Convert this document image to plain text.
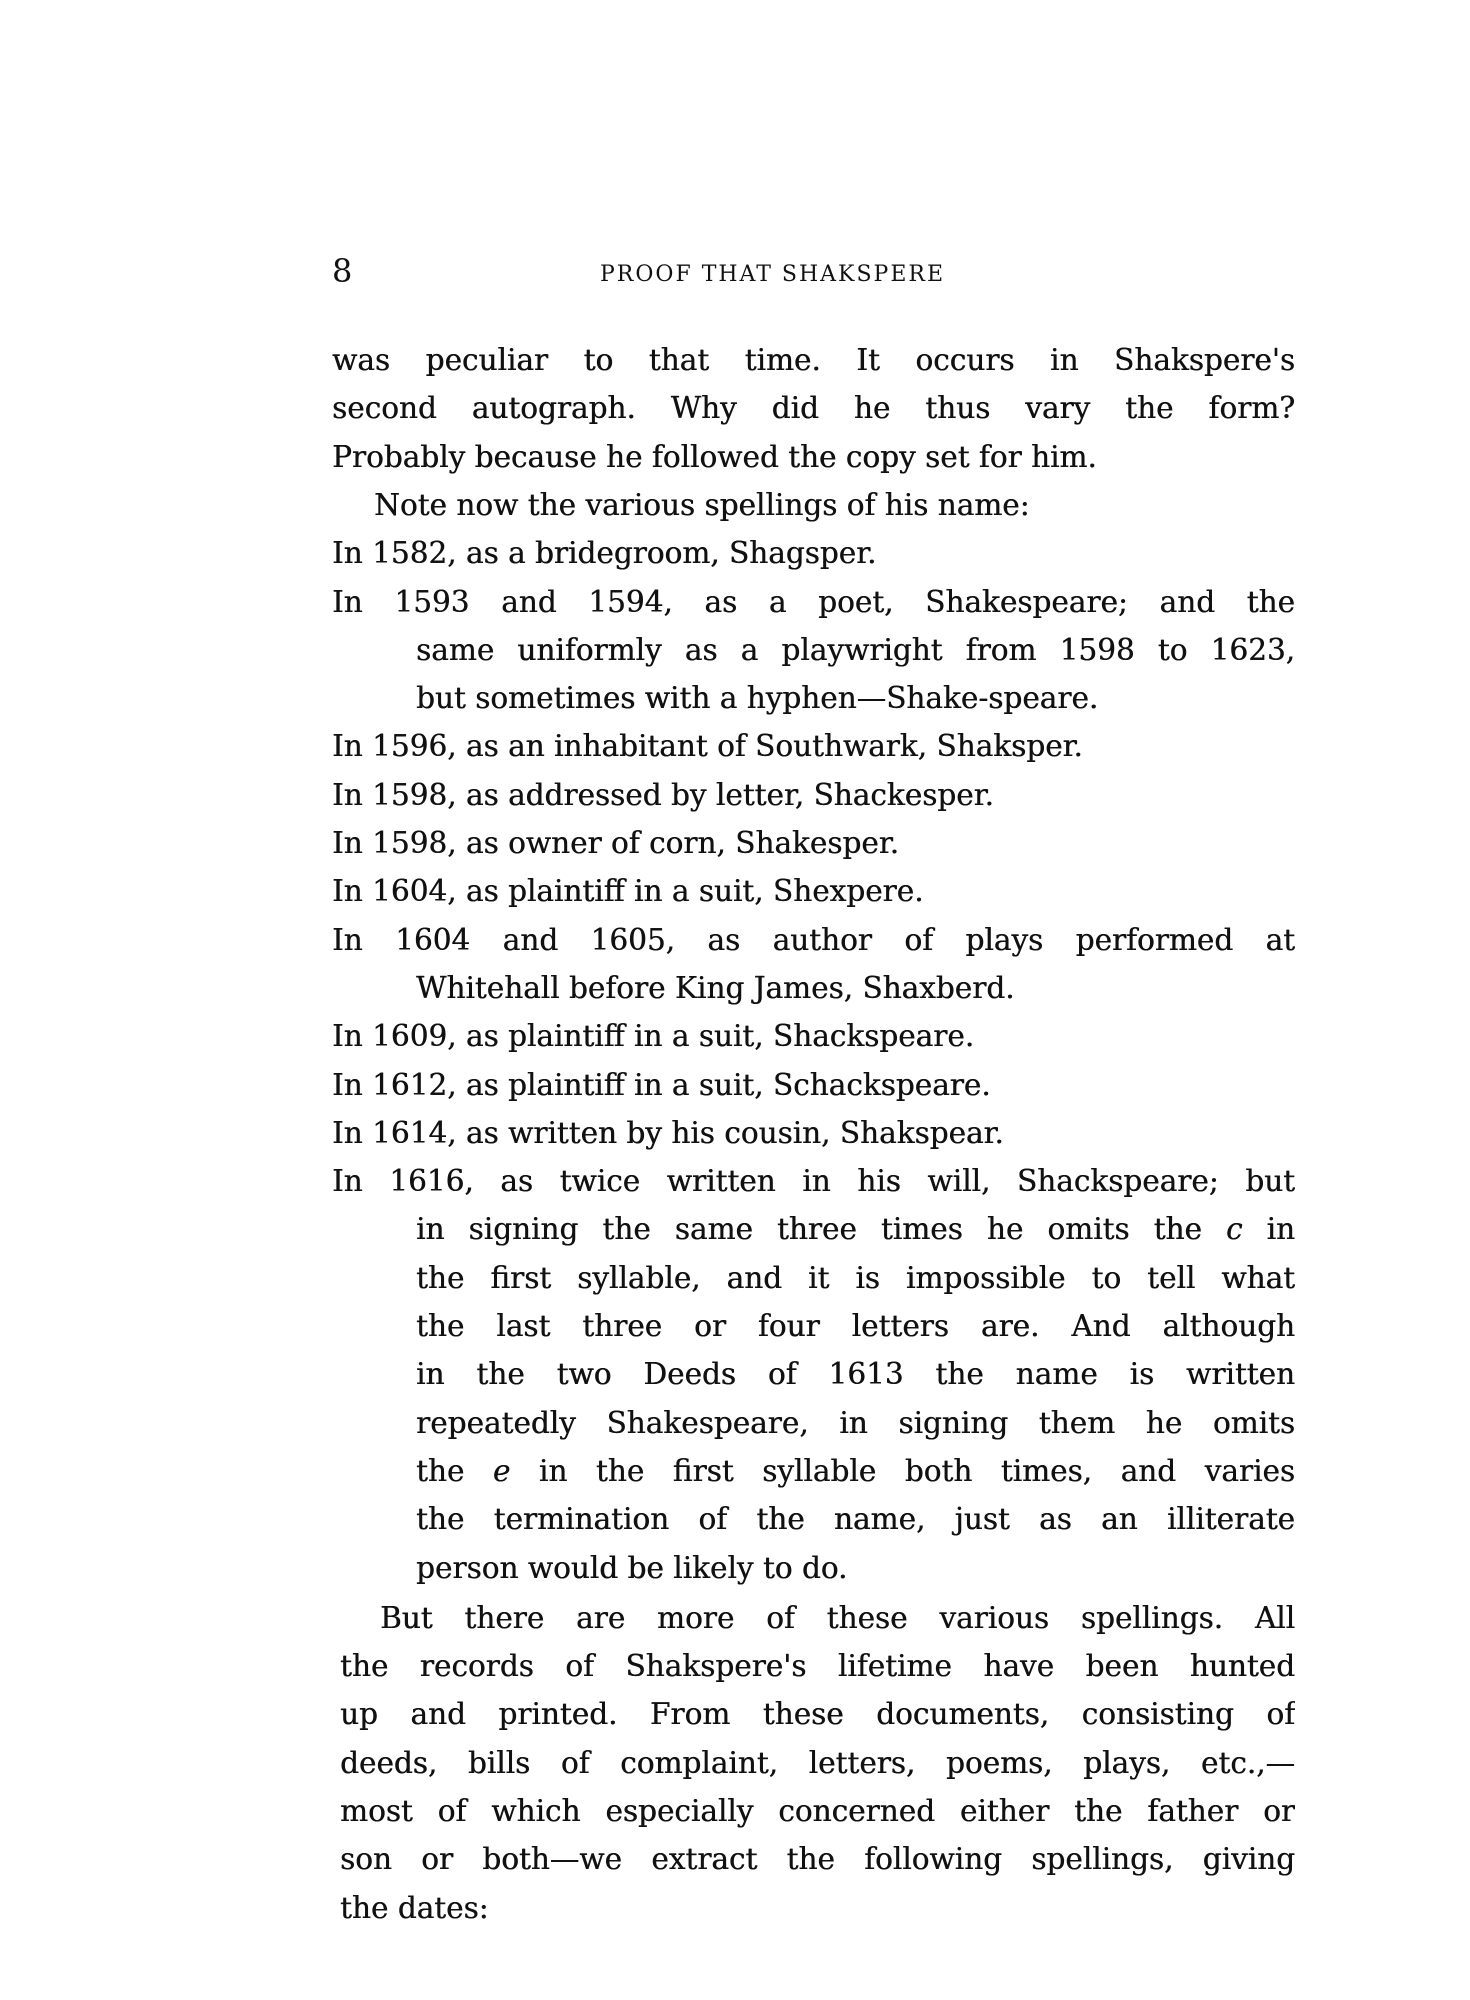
8	PROOF THAT SHAKSPERE
was peculiar to that time. It occurs in Shakspere's
second autograph. Why did he thus vary the form?
Probably because he followed the copy set for him.
Note now the various spellings of his name:
In 1582, as a bridegroom, Shagsper.
In 1593 and 1594, as a poet, Shakespeare; and the
same uniformly as a playwright from 1598 to 1623,
but sometimes with a hyphen—Shake-speare.
In 1596, as an inhabitant of Southwark, Shaksper.
In 1598, as addressed by letter, Shackesper.
In 1598, as owner of corn, Shakesper.
In 1604, as plaintiff in a suit, Shexpere.
In 1604 and 1605, as author of plays performed at
Whitehall before King James, Shaxberd.
In 1609, as plaintiff in a suit, Shackspeare.
In 1612, as plaintiff in a suit, Schackspeare.
In 1614, as written by his cousin, Shakspear.
In 1616, as twice written in his will, Shackspeare; but
in signing the same three times he omits the c in
the first syllable, and it is impossible to tell what
the last three or four letters are. And although
in the two Deeds of 1613 the name is written
repeatedly Shakespeare, in signing them he omits
the e in the first syllable both times, and varies
the termination of the name, just as an illiterate
person would be likely to do.
But there are more of these various spellings. All
the records of Shakspere's lifetime have been hunted
up and printed. From these documents, consisting of
deeds, bills of complaint, letters, poems, plays, etc.,—
most of which especially concerned either the father or
son or both—we extract the following spellings, giving
the dates:
